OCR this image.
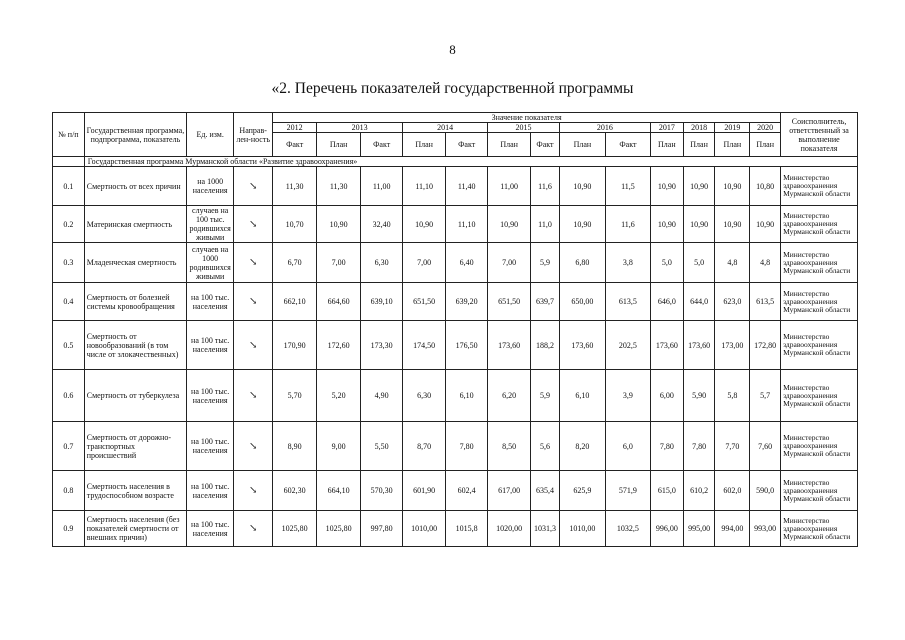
8
«2. Перечень показателей государственной программы
№ п/п	Государственная программа, подпрограмма, показатель	Ед. изм.	Направ-лен-ность	Значение показателя													Соисполнитель, ответственный за выполнение показателя
				2012	2013		2014		2015		2016		2017	2018	2019	2020	
				Факт	План	Факт	План	Факт	План	Факт	План	Факт	План	План	План	План	
	Государственная программа Мурманской области «Развитие здравоохранения»																
0.1	Смертность от всех причин	на 1000 населения	↘	11,30	11,30	11,00	11,10	11,40	11,00	11,6	10,90	11,5	10,90	10,90	10,90	10,80	Министерство здравоохранения Мурманской области
0.2	Материнская смертность	случаев на 100 тыс. родившихся живыми	↘	10,70	10,90	32,40	10,90	11,10	10,90	11,0	10,90	11,6	10,90	10,90	10,90	10,90	Министерство здравоохранения Мурманской области
0.3	Младенческая смертность	случаев на 1000 родившихся живыми	↘	6,70	7,00	6,30	7,00	6,40	7,00	5,9	6,80	3,8	5,0	5,0	4,8	4,8	Министерство здравоохранения Мурманской области
0.4	Смертность от болезней системы кровообращения	на 100 тыс. населения	↘	662,10	664,60	639,10	651,50	639,20	651,50	639,7	650,00	613,5	646,0	644,0	623,0	613,5	Министерство здравоохранения Мурманской области
0.5	Смертность от новообразований (в том числе от злокачественных)	на 100 тыс. населения	↘	170,90	172,60	173,30	174,50	176,50	173,60	188,2	173,60	202,5	173,60	173,60	173,00	172,80	Министерство здравоохранения Мурманской области
0.6	Смертность от туберкулеза	на 100 тыс. населения	↘	5,70	5,20	4,90	6,30	6,10	6,20	5,9	6,10	3,9	6,00	5,90	5,8	5,7	Министерство здравоохранения Мурманской области
0.7	Смертность от дорожно-транспортных происшествий	на 100 тыс. населения	↘	8,90	9,00	5,50	8,70	7,80	8,50	5,6	8,20	6,0	7,80	7,80	7,70	7,60	Министерство здравоохранения Мурманской области
0.8	Смертность населения в трудоспособном возрасте	на 100 тыс. населения	↘	602,30	664,10	570,30	601,90	602,4	617,00	635,4	625,9	571,9	615,0	610,2	602,0	590,0	Министерство здравоохранения Мурманской области
0.9	Смертность населения (без показателей смертности от внешних причин)	на 100 тыс. населения	↘	1025,80	1025,80	997,80	1010,00	1015,8	1020,00	1031,3	1010,00	1032,5	996,00	995,00	994,00	993,00	Министерство здравоохранения Мурманской области
